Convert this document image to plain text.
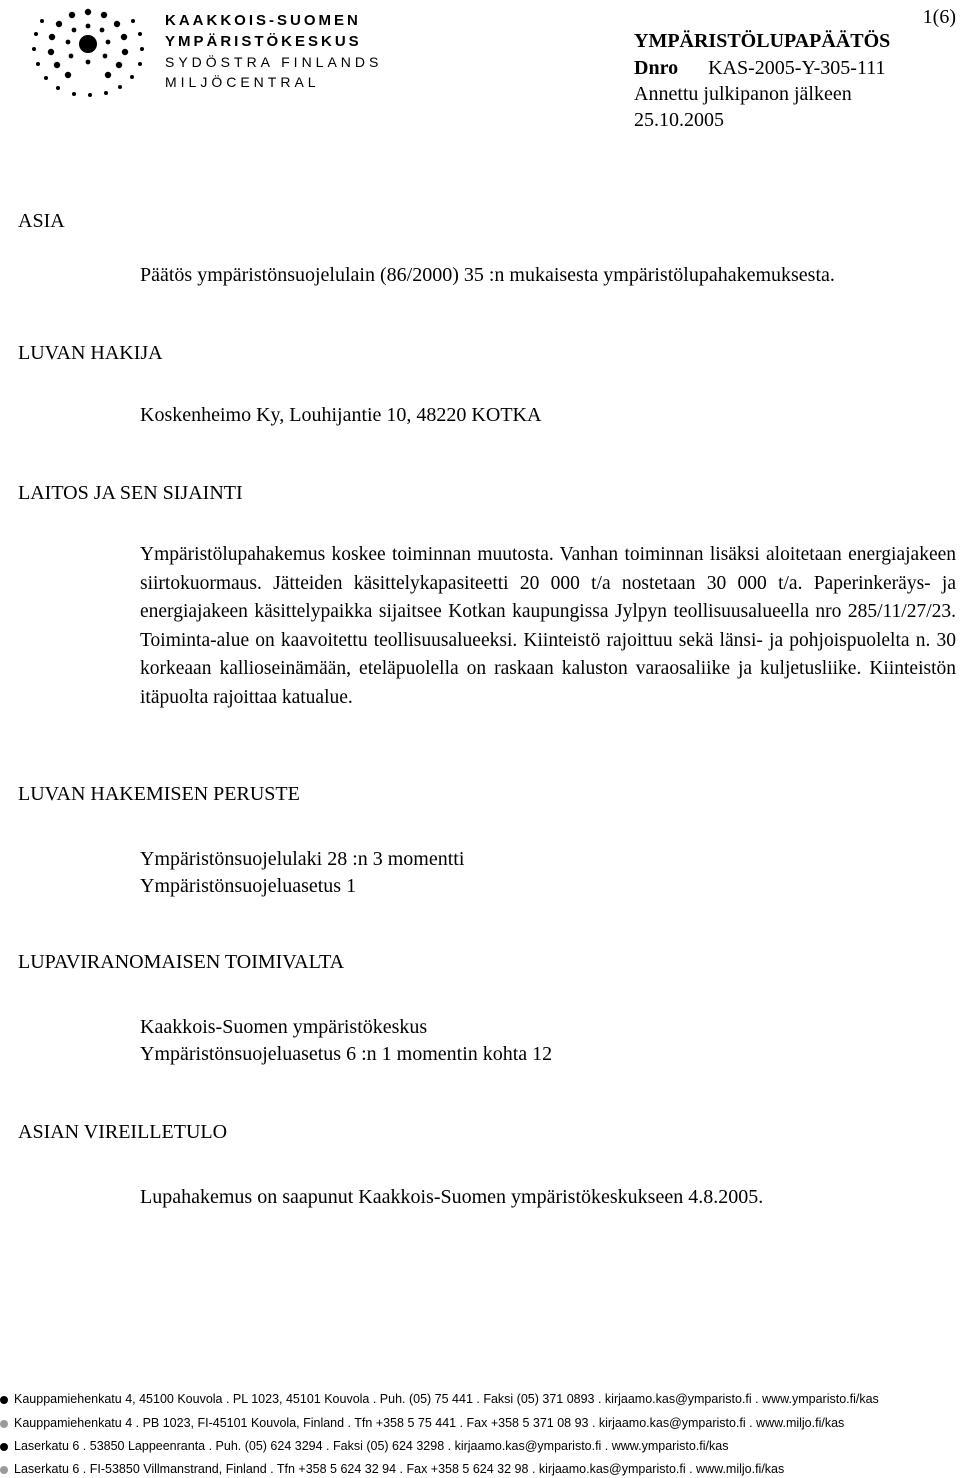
KAAKKOIS-SUOMEN
YMPÄRISTÖKESKUS
SYDÖSTRA FINLANDS
MILJÖCENTRAL
1(6)
YMPÄRISTÖLUPAPÄÄTÖS
Dnro KAS-2005-Y-305-111
Annettu julkipanon jälkeen
25.10.2005
ASIA
Päätös ympäristönsuojelulain (86/2000) 35 :n mukaisesta ympäristölupahakemuksesta.
LUVAN HAKIJA
Koskenheimo Ky, Louhijantie 10, 48220 KOTKA
LAITOS JA SEN SIJAINTI
Ympäristölupahakemus koskee toiminnan muutosta. Vanhan toiminnan lisäksi aloitetaan energiajakeen siirtokuormaus. Jätteiden käsittelykapasiteetti 20 000 t/a nostetaan 30 000 t/a. Paperinkeräys- ja energiajakeen käsittelypaikka sijaitsee Kotkan kaupungissa Jylpyn teollisuusalueella nro 285/11/27/23. Toiminta-alue on kaavoitettu teollisuusalueeksi. Kiinteistö rajoittuu sekä länsi- ja pohjoispuolelta n. 30 korkeaan kallioseinämään, eteläpuolella on raskaan kaluston varaosaliike ja kuljetusliike. Kiinteistön itäpuolta rajoittaa katualue.
LUVAN HAKEMISEN PERUSTE
Ympäristönsuojelulaki 28 :n 3 momentti
Ympäristönsuojeluasetus 1
LUPAVIRANOMAISEN TOIMIVALTA
Kaakkois-Suomen ympäristökeskus
Ympäristönsuojeluasetus 6 :n 1 momentin kohta 12
ASIAN VIREILLETULO
Lupahakemus on saapunut Kaakkois-Suomen ympäristökeskukseen 4.8.2005.
Kauppamiehenkatu 4, 45100 Kouvola . PL 1023, 45101 Kouvola . Puh. (05) 75 441 . Faksi (05) 371 0893 . kirjaamo.kas@ymparisto.fi . www.ymparisto.fi/kas
Kauppamiehenkatu 4 . PB 1023, FI-45101 Kouvola, Finland . Tfn +358 5 75 441 . Fax +358 5 371 08 93 . kirjaamo.kas@ymparisto.fi . www.miljo.fi/kas
Laserkatu 6 . 53850 Lappeenranta . Puh. (05) 624 3294 . Faksi (05) 624 3298 . kirjaamo.kas@ymparisto.fi . www.ymparisto.fi/kas
Laserkatu 6 . FI-53850 Villmanstrand, Finland . Tfn +358 5 624 32 94 . Fax +358 5 624 32 98 . kirjaamo.kas@ymparisto.fi . www.miljo.fi/kas
